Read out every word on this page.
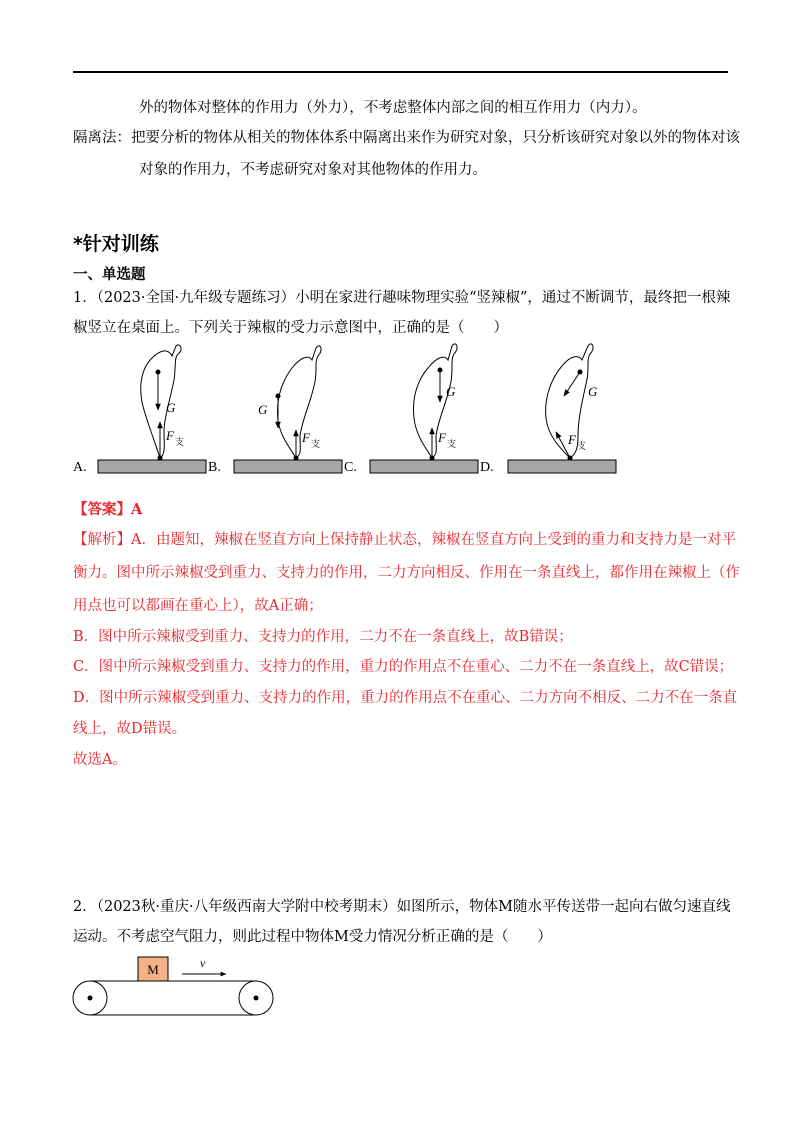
外的物体对整体的作用力（外力），不考虑整体内部之间的相互作用力（内力）。
隔离法：把要分析的物体从相关的物体体系中隔离出来作为研究对象，只分析该研究对象以外的物体对该
对象的作用力，不考虑研究对象对其他物体的作用力。
*针对训练
一、单选题
1．（2023·全国·九年级专题练习）小明在家进行趣味物理实验“竖辣椒”，通过不断调节，最终把一根辣
椒竖立在桌面上。下列关于辣椒的受力示意图中，正确的是（　　）
G
F 支
G
F 支
G
F 支
G
F 支
A.	B.	C.	D.
【答案】A
【解析】A．由题知，辣椒在竖直方向上保持静止状态，辣椒在竖直方向上受到的重力和支持力是一对平
衡力。图中所示辣椒受到重力、支持力的作用，二力方向相反、作用在一条直线上，都作用在辣椒上（作
用点也可以都画在重心上），故A正确；
B．图中所示辣椒受到重力、支持力的作用，二力不在一条直线上，故B错误；
C．图中所示辣椒受到重力、支持力的作用，重力的作用点不在重心、二力不在一条直线上，故C错误；
D．图中所示辣椒受到重力、支持力的作用，重力的作用点不在重心、二力方向不相反、二力不在一条直
线上，故D错误。
故选A。
2．（2023秋·重庆·八年级西南大学附中校考期末）如图所示，物体M随水平传送带一起向右做匀速直线
运动。不考虑空气阻力，则此过程中物体M受力情况分析正确的是（　　）
M	v
